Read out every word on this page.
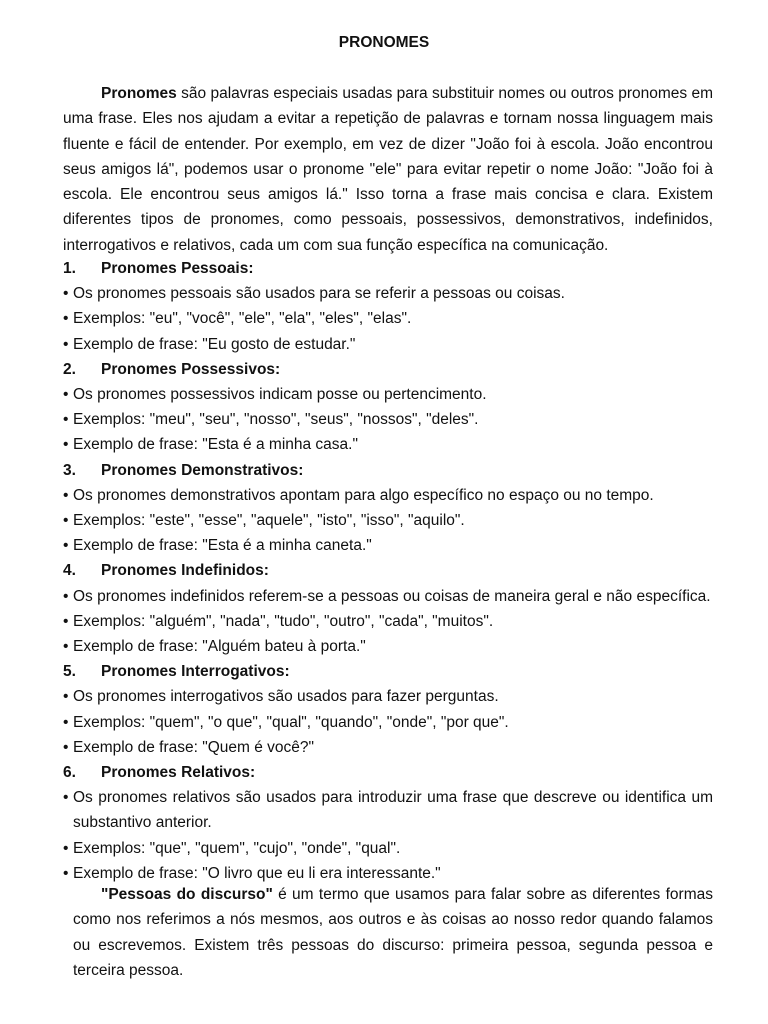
PRONOMES

Pronomes são palavras especiais usadas para substituir nomes ou outros pronomes em uma frase. Eles nos ajudam a evitar a repetição de palavras e tornam nossa linguagem mais fluente e fácil de entender. Por exemplo, em vez de dizer "João foi à escola. João encontrou seus amigos lá", podemos usar o pronome "ele" para evitar repetir o nome João: "João foi à escola. Ele encontrou seus amigos lá." Isso torna a frase mais concisa e clara. Existem diferentes tipos de pronomes, como pessoais, possessivos, demonstrativos, indefinidos, interrogativos e relativos, cada um com sua função específica na comunicação.

1. Pronomes Pessoais:
• Os pronomes pessoais são usados para se referir a pessoas ou coisas.
• Exemplos: "eu", "você", "ele", "ela", "eles", "elas".
• Exemplo de frase: "Eu gosto de estudar."
2. Pronomes Possessivos:
• Os pronomes possessivos indicam posse ou pertencimento.
• Exemplos: "meu", "seu", "nosso", "seus", "nossos", "deles".
• Exemplo de frase: "Esta é a minha casa."
3. Pronomes Demonstrativos:
• Os pronomes demonstrativos apontam para algo específico no espaço ou no tempo.
• Exemplos: "este", "esse", "aquele", "isto", "isso", "aquilo".
• Exemplo de frase: "Esta é a minha caneta."
4. Pronomes Indefinidos:
• Os pronomes indefinidos referem-se a pessoas ou coisas de maneira geral e não específica.
• Exemplos: "alguém", "nada", "tudo", "outro", "cada", "muitos".
• Exemplo de frase: "Alguém bateu à porta."
5. Pronomes Interrogativos:
• Os pronomes interrogativos são usados para fazer perguntas.
• Exemplos: "quem", "o que", "qual", "quando", "onde", "por que".
• Exemplo de frase: "Quem é você?"
6. Pronomes Relativos:
• Os pronomes relativos são usados para introduzir uma frase que descreve ou identifica um substantivo anterior.
• Exemplos: "que", "quem", "cujo", "onde", "qual".
• Exemplo de frase: "O livro que eu li era interessante."

"Pessoas do discurso" é um termo que usamos para falar sobre as diferentes formas como nos referimos a nós mesmos, aos outros e às coisas ao nosso redor quando falamos ou escrevemos. Existem três pessoas do discurso: primeira pessoa, segunda pessoa e terceira pessoa.
